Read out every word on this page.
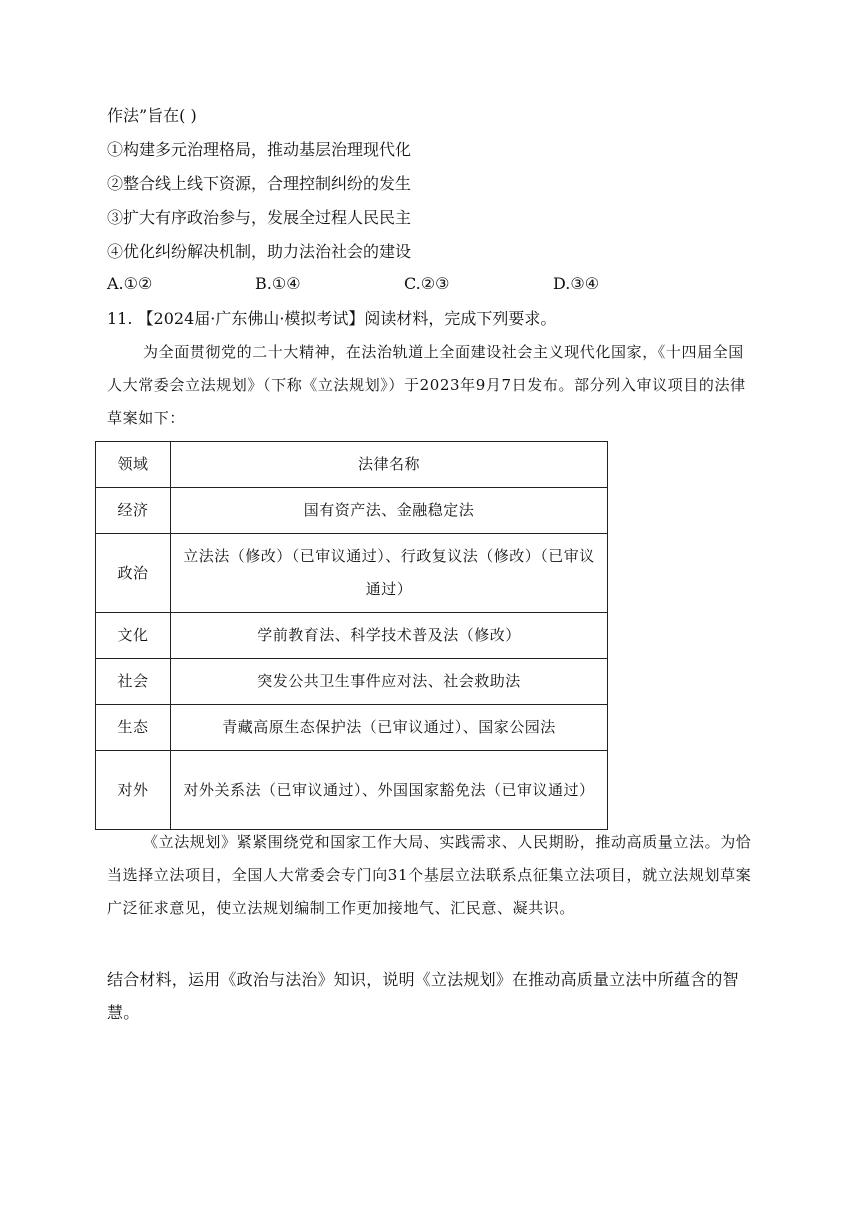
作法”旨在( )
①构建多元治理格局，推动基层治理现代化
②整合线上线下资源，合理控制纠纷的发生
③扩大有序政治参与，发展全过程人民民主
④优化纠纷解决机制，助力法治社会的建设
A.①②	B.①④	C.②③	D.③④
11. 【2024届·广东佛山·模拟考试】阅读材料，完成下列要求。
为全面贯彻党的二十大精神，在法治轨道上全面建设社会主义现代化国家，《十四届全国人大常委会立法规划》（下称《立法规划》）于2023年9月7日发布。部分列入审议项目的法律草案如下：
领域	法律名称
经济	国有资产法、金融稳定法
政治	立法法（修改）（已审议通过）、行政复议法（修改）（已审议通过）
文化	学前教育法、科学技术普及法（修改）
社会	突发公共卫生事件应对法、社会救助法
生态	青藏高原生态保护法（已审议通过）、国家公园法
对外	对外关系法（已审议通过）、外国国家豁免法（已审议通过）
《立法规划》紧紧围绕党和国家工作大局、实践需求、人民期盼，推动高质量立法。为恰当选择立法项目，全国人大常委会专门向31个基层立法联系点征集立法项目，就立法规划草案广泛征求意见，使立法规划编制工作更加接地气、汇民意、凝共识。
结合材料，运用《政治与法治》知识，说明《立法规划》在推动高质量立法中所蕴含的智慧。
